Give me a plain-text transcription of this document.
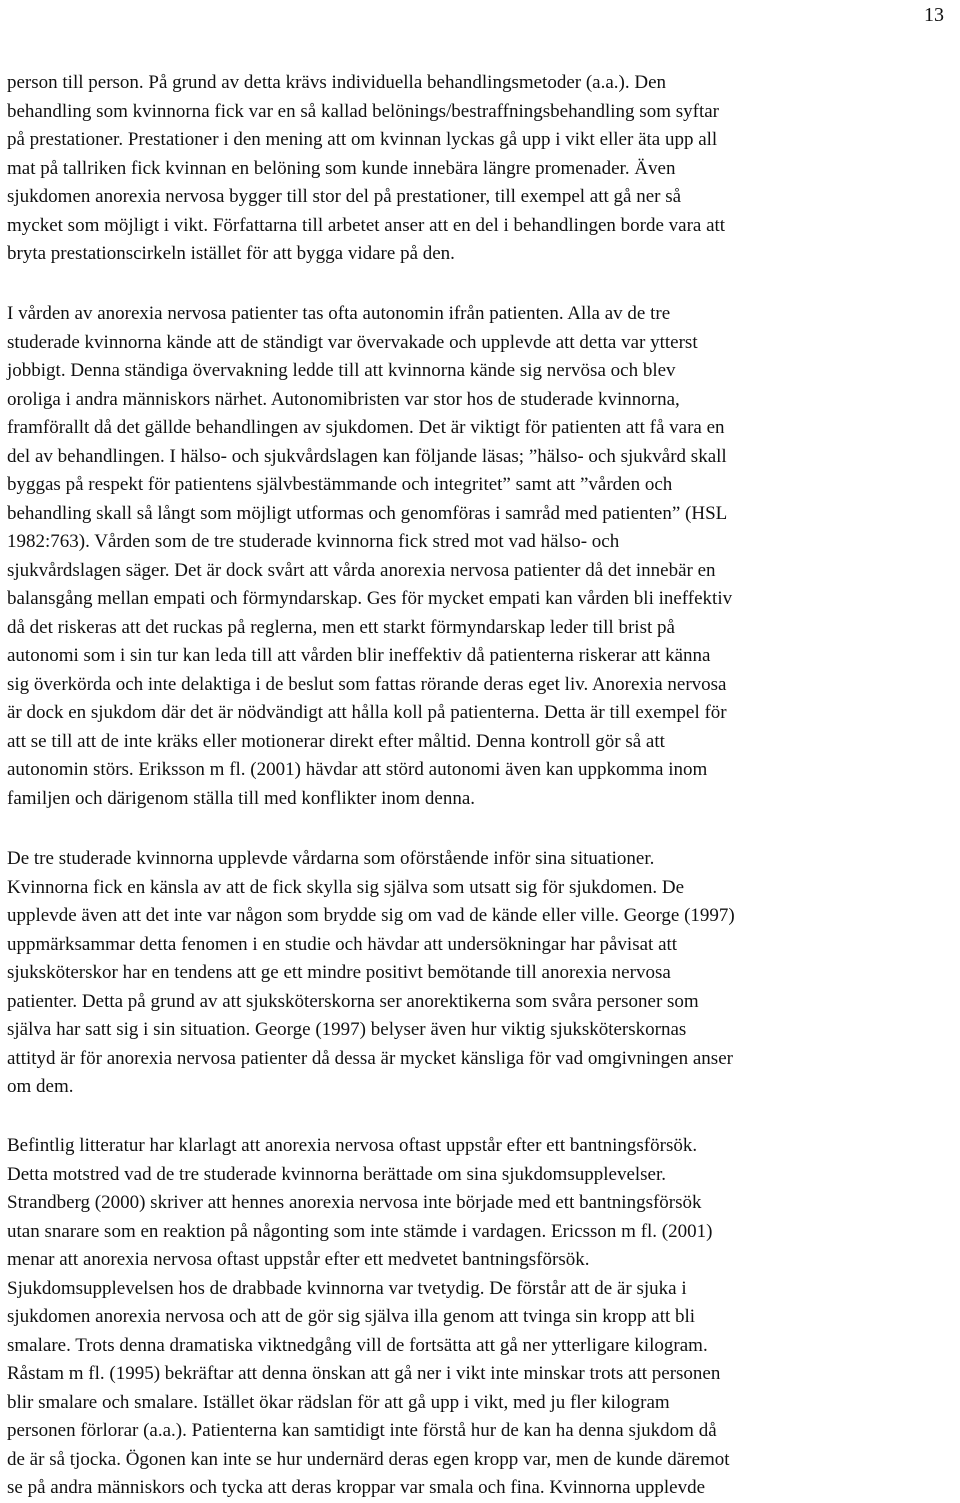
13
person till person. På grund av detta krävs individuella behandlingsmetoder (a.a.). Den
behandling som kvinnorna fick var en så kallad belönings/bestraffningsbehandling som syftar
på prestationer. Prestationer i den mening att om kvinnan lyckas gå upp i vikt eller äta upp all
mat på tallriken fick kvinnan en belöning som kunde innebära längre promenader. Även
sjukdomen anorexia nervosa bygger till stor del på prestationer, till exempel att gå ner så
mycket som möjligt i vikt. Författarna till arbetet anser att en del i behandlingen borde vara att
bryta prestationscirkeln istället för att bygga vidare på den.
I vården av anorexia nervosa patienter tas ofta autonomin ifrån patienten. Alla av de tre
studerade kvinnorna kände att de ständigt var övervakade och upplevde att detta var ytterst
jobbigt. Denna ständiga övervakning ledde till att kvinnorna kände sig nervösa och blev
oroliga i andra människors närhet. Autonomibristen var stor hos de studerade kvinnorna,
framförallt då det gällde behandlingen av sjukdomen. Det är viktigt för patienten att få vara en
del av behandlingen. I hälso- och sjukvårdslagen kan följande läsas; ”hälso- och sjukvård skall
byggas på respekt för patientens självbestämmande och integritet” samt att ”vården och
behandling skall så långt som möjligt utformas och genomföras i samråd med patienten” (HSL
1982:763). Vården som de tre studerade kvinnorna fick stred mot vad hälso- och
sjukvårdslagen säger. Det är dock svårt att vårda anorexia nervosa patienter då det innebär en
balansgång mellan empati och förmyndarskap. Ges för mycket empati kan vården bli ineffektiv
då det riskeras att det ruckas på reglerna, men ett starkt förmyndarskap leder till brist på
autonomi som i sin tur kan leda till att vården blir ineffektiv då patienterna riskerar att känna
sig överkörda och inte delaktiga i de beslut som fattas rörande deras eget liv. Anorexia nervosa
är dock en sjukdom där det är nödvändigt att hålla koll på patienterna. Detta är till exempel för
att se till att de inte kräks eller motionerar direkt efter måltid. Denna kontroll gör så att
autonomin störs. Eriksson m fl. (2001) hävdar att störd autonomi även kan uppkomma inom
familjen och därigenom ställa till med konflikter inom denna.
De tre studerade kvinnorna upplevde vårdarna som oförstående inför sina situationer.
Kvinnorna fick en känsla av att de fick skylla sig själva som utsatt sig för sjukdomen. De
upplevde även att det inte var någon som brydde sig om vad de kände eller ville. George (1997)
uppmärksammar detta fenomen i en studie och hävdar att undersökningar har påvisat att
sjuksköterskor har en tendens att ge ett mindre positivt bemötande till anorexia nervosa
patienter. Detta på grund av att sjuksköterskorna ser anorektikerna som svåra personer som
själva har satt sig i sin situation. George (1997) belyser även hur viktig sjuksköterskornas
attityd är för anorexia nervosa patienter då dessa är mycket känsliga för vad omgivningen anser
om dem.
Befintlig litteratur har klarlagt att anorexia nervosa oftast uppstår efter ett bantningsförsök.
Detta motstred vad de tre studerade kvinnorna berättade om sina sjukdomsupplevelser.
Strandberg (2000) skriver att hennes anorexia nervosa inte började med ett bantningsförsök
utan snarare som en reaktion på någonting som inte stämde i vardagen. Ericsson m fl. (2001)
menar att anorexia nervosa oftast uppstår efter ett medvetet bantningsförsök.
Sjukdomsupplevelsen hos de drabbade kvinnorna var tvetydig. De förstår att de är sjuka i
sjukdomen anorexia nervosa och att de gör sig själva illa genom att tvinga sin kropp att bli
smalare. Trots denna dramatiska viktnedgång vill de fortsätta att gå ner ytterligare kilogram.
Råstam m fl. (1995) bekräftar att denna önskan att gå ner i vikt inte minskar trots att personen
blir smalare och smalare. Istället ökar rädslan för att gå upp i vikt, med ju fler kilogram
personen förlorar (a.a.). Patienterna kan samtidigt inte förstå hur de kan ha denna sjukdom då
de är så tjocka. Ögonen kan inte se hur undernärd deras egen kropp var, men de kunde däremot
se på andra människors och tycka att deras kroppar var smala och fina. Kvinnorna upplevde
